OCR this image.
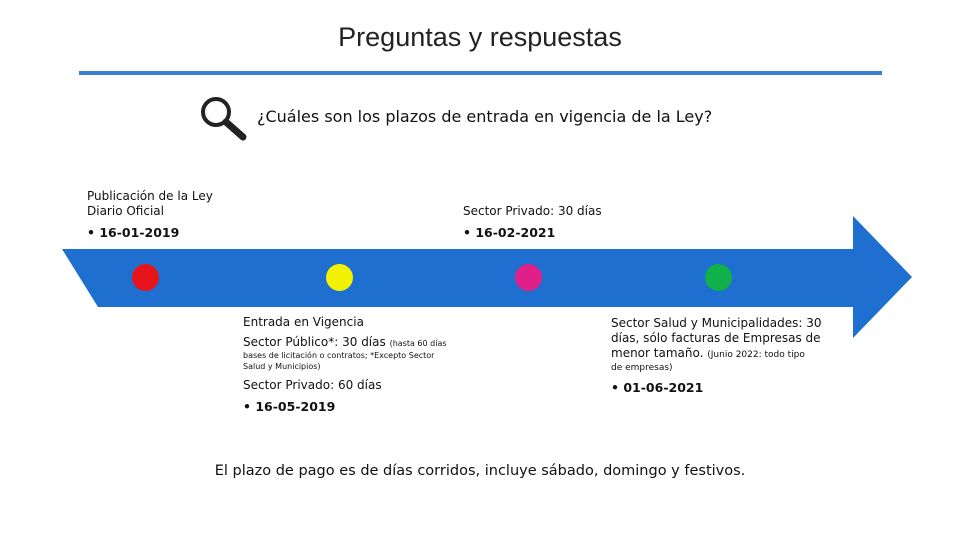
Preguntas y respuestas
¿Cuáles son los plazos de entrada en vigencia de la Ley?
Publicación de la Ley
Diario Oficial
• 16-01-2019
Sector Privado: 30 días
• 16-02-2021
Entrada en Vigencia
Sector Público*: 30 días (hasta 60 días
bases de licitación o contratos; *Excepto Sector
Salud y Municipios)
Sector Privado: 60 días
• 16-05-2019
Sector Salud y Municipalidades: 30
días, sólo facturas de Empresas de
menor tamaño. (Junio 2022: todo tipo
de empresas)
• 01-06-2021
El plazo de pago es de días corridos, incluye sábado, domingo y festivos.
